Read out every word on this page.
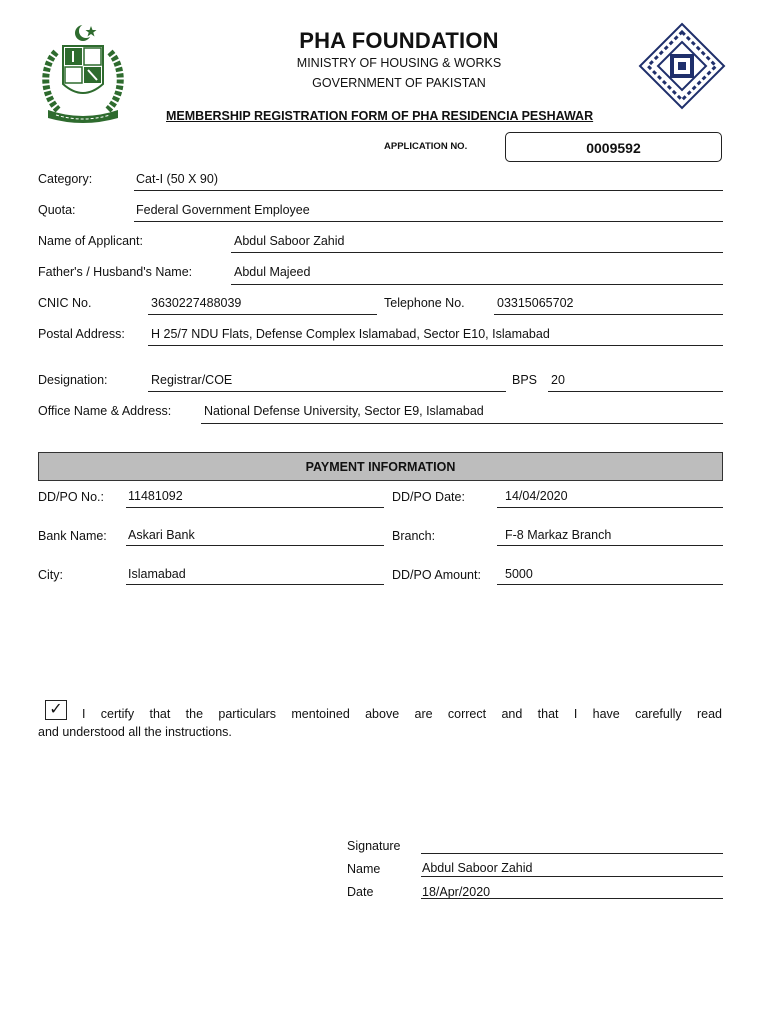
PHA FOUNDATION
MINISTRY OF HOUSING & WORKS
GOVERNMENT OF PAKISTAN
MEMBERSHIP REGISTRATION FORM OF PHA RESIDENCIA PESHAWAR
APPLICATION NO.	0009592
Category:	Cat-I (50 X 90)
Quota:	Federal Government Employee
Name of Applicant:	Abdul Saboor Zahid
Father's / Husband's Name:	Abdul Majeed
CNIC No.	3630227488039	Telephone No.	03315065702
Postal Address: H 25/7 NDU Flats, Defense Complex Islamabad, Sector E10, Islamabad
Designation:	Registrar/COE	BPS 20
Office Name & Address:	National Defense University, Sector E9, Islamabad
PAYMENT INFORMATION
DD/PO No.: 11481092	DD/PO Date:	14/04/2020
Bank Name: Askari Bank	Branch:	F-8 Markaz Branch
City:	Islamabad	DD/PO Amount: 5000
✓	I certify that the particulars mentoined above are correct and that I have carefully read
and understood all the instructions.
Signature
Name	Abdul Saboor Zahid
Date	18/Apr/2020
